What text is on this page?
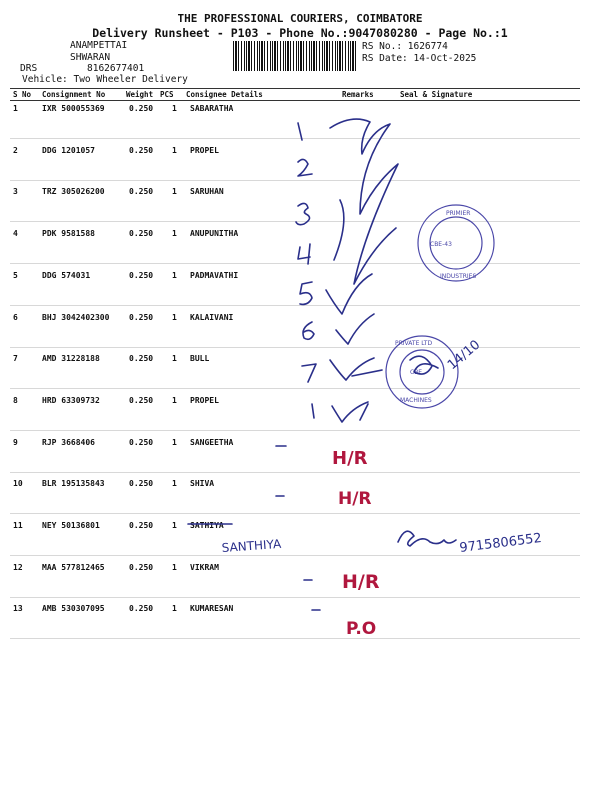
THE PROFESSIONAL COURIERS, COIMBATORE
Delivery Runsheet - P103 - Phone No.:9047080280 - Page No.:1
ANAMPETTAI
SHWARAN
DRS	8162677401
Vehicle: Two Wheeler Delivery
RS No.: 1626774
RS Date: 14-Oct-2025
S No Consignment No	Weight PCS Consignee Details	Remarks	Seal & Signature
1	IXR 500055369	0.250 1 SABARATHA
2	DDG 1201057	0.250 1 PROPEL
3	TRZ 305026200	0.250 1 SARUHAN
4	PDK 9581588	0.250 1 ANUPUNITHA
5	DDG 574031	0.250 1 PADMAVATHI
6	BHJ 3042402300 0.250 1 KALAIVANI
7	AMD 31228188	0.250 1 BULL
8	HRD 63309732	0.250 1 PROPEL
9	RJP 3668406	0.250 1 SANGEETHA
10 BLR 195135843	0.250 1 SHIVA
11 NEY 50136801	0.250 1 SATHIYA
12 MAA 577812465	0.250 1 VIKRAM
13 AMB 530307095	0.250 1 KUMARESAN
CBE-43
PRIMIER
INDUSTRIES
CBE
PRIVATE LTD
MACHINES
14/10
H/R
H/R
H/R
P.O
SANTHIYA	9715806552
